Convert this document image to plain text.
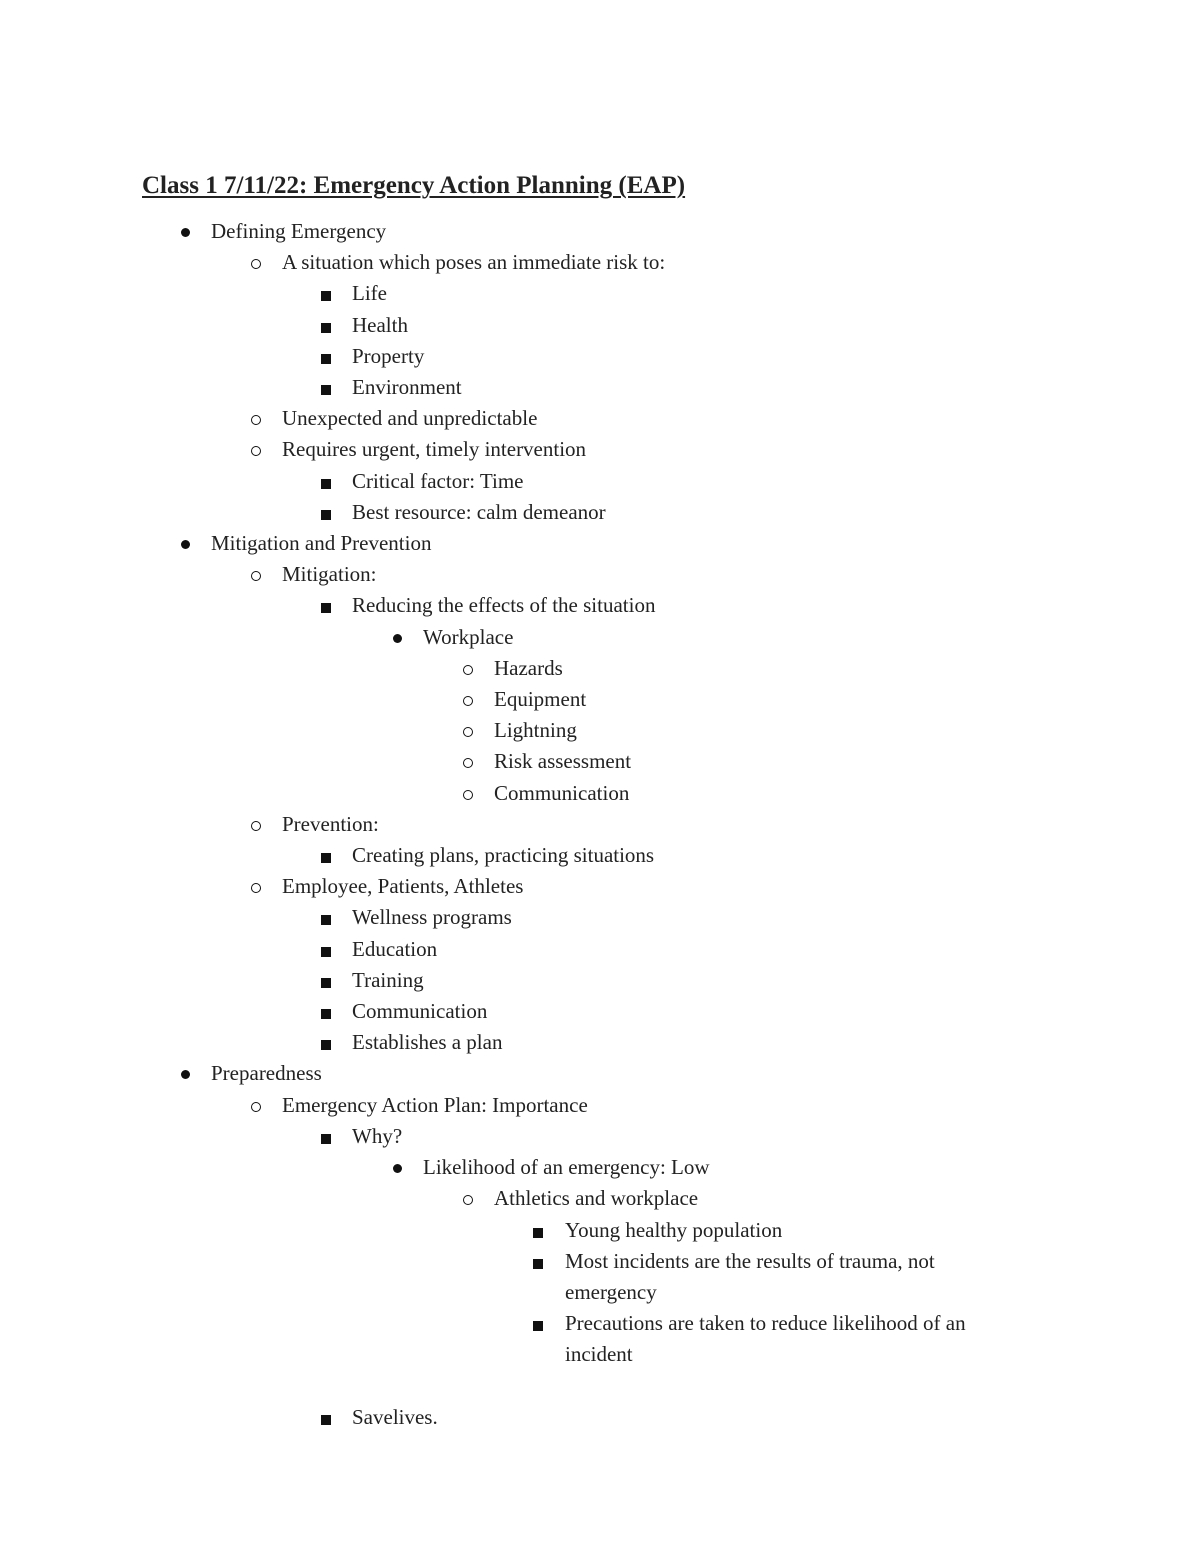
Class 1 7/11/22: Emergency Action Planning (EAP)
Defining Emergency
A situation which poses an immediate risk to:
Life
Health
Property
Environment
Unexpected and unpredictable
Requires urgent, timely intervention
Critical factor: Time
Best resource: calm demeanor
Mitigation and Prevention
Mitigation:
Reducing the effects of the situation
Workplace
Hazards
Equipment
Lightning
Risk assessment
Communication
Prevention:
Creating plans, practicing situations
Employee, Patients, Athletes
Wellness programs
Education
Training
Communication
Establishes a plan
Preparedness
Emergency Action Plan: Importance
Why?
Likelihood of an emergency: Low
Athletics and workplace
Young healthy population
Most incidents are the results of trauma, not emergency
Precautions are taken to reduce likelihood of an incident
Savelives.
